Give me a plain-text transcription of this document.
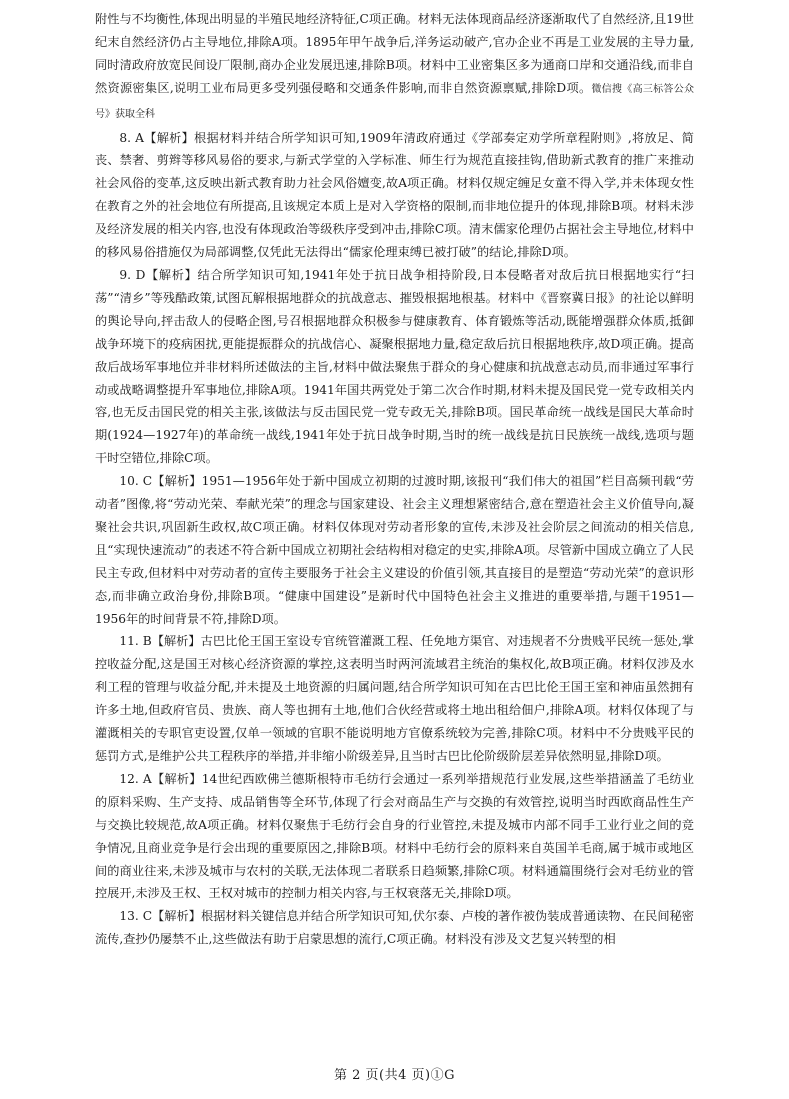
附性与不均衡性,体现出明显的半殖民地经济特征,C项正确。材料无法体现商品经济逐渐取代了自然经济,且19世纪末自然经济仍占主导地位,排除A项。1895年甲午战争后,洋务运动破产,官办企业不再是工业发展的主导力量,同时清政府放宽民间设厂限制,商办企业发展迅速,排除B项。材料中工业密集区多为通商口岸和交通沿线,而非自然资源密集区,说明工业布局更多受列强侵略和交通条件影响,而非自然资源禀赋,排除D项。微信搜《高三标答公众号》获取全科

8. A【解析】根据材料并结合所学知识可知,1909年清政府通过《学部奏定劝学所章程附则》,将放足、简丧、禁奢、剪辫等移风易俗的要求,与新式学堂的入学标准、师生行为规范直接挂钩,借助新式教育的推广来推动社会风俗的变革,这反映出新式教育助力社会风俗嬗变,故A项正确。材料仅规定缠足女童不得入学,并未体现女性在教育之外的社会地位有所提高,且该规定本质上是对入学资格的限制,而非地位提升的体现,排除B项。材料未涉及经济发展的相关内容,也没有体现政治等级秩序受到冲击,排除C项。清末儒家伦理仍占据社会主导地位,材料中的移风易俗措施仅为局部调整,仅凭此无法得出“儒家伦理束缚已被打破”的结论,排除D项。

9. D【解析】结合所学知识可知,1941年处于抗日战争相持阶段,日本侵略者对敌后抗日根据地实行“扫荡”“清乡”等残酷政策,试图瓦解根据地群众的抗战意志、摧毁根据地根基。材料中《晋察冀日报》的社论以鲜明的舆论导向,抨击敌人的侵略企图,号召根据地群众积极参与健康教育、体育锻炼等活动,既能增强群众体质,抵御战争环境下的疫病困扰,更能提振群众的抗战信心、凝聚根据地力量,稳定敌后抗日根据地秩序,故D项正确。提高敌后战场军事地位并非材料所述做法的主旨,材料中做法聚焦于群众的身心健康和抗战意志动员,而非通过军事行动或战略调整提升军事地位,排除A项。1941年国共两党处于第二次合作时期,材料未提及国民党一党专政相关内容,也无反击国民党的相关主张,该做法与反击国民党一党专政无关,排除B项。国民革命统一战线是国民大革命时期(1924—1927年)的革命统一战线,1941年处于抗日战争时期,当时的统一战线是抗日民族统一战线,选项与题干时空错位,排除C项。

10. C【解析】1951—1956年处于新中国成立初期的过渡时期,该报刊“我们伟大的祖国”栏目高频刊载“劳动者”图像,将“劳动光荣、奉献光荣”的理念与国家建设、社会主义理想紧密结合,意在塑造社会主义价值导向,凝聚社会共识,巩固新生政权,故C项正确。材料仅体现对劳动者形象的宣传,未涉及社会阶层之间流动的相关信息,且“实现快速流动”的表述不符合新中国成立初期社会结构相对稳定的史实,排除A项。尽管新中国成立确立了人民民主专政,但材料中对劳动者的宣传主要服务于社会主义建设的价值引领,其直接目的是塑造“劳动光荣”的意识形态,而非确立政治身份,排除B项。“健康中国建设”是新时代中国特色社会主义推进的重要举措,与题干1951—1956年的时间背景不符,排除D项。

11. B【解析】古巴比伦王国王室设专官统管灌溉工程、任免地方渠官、对违规者不分贵贱平民统一惩处,掌控收益分配,这是国王对核心经济资源的掌控,这表明当时两河流域君主统治的集权化,故B项正确。材料仅涉及水利工程的管理与收益分配,并未提及土地资源的归属问题,结合所学知识可知在古巴比伦王国王室和神庙虽然拥有许多土地,但政府官员、贵族、商人等也拥有土地,他们合伙经营或将土地出租给佃户,排除A项。材料仅体现了与灌溉相关的专职官吏设置,仅单一领域的官职不能说明地方官僚系统较为完善,排除C项。材料中不分贵贱平民的惩罚方式,是维护公共工程秩序的举措,并非缩小阶级差异,且当时古巴比伦阶级阶层差异依然明显,排除D项。

12. A【解析】14世纪西欧佛兰德斯根特市毛纺行会通过一系列举措规范行业发展,这些举措涵盖了毛纺业的原料采购、生产支持、成品销售等全环节,体现了行会对商品生产与交换的有效管控,说明当时西欧商品性生产与交换比较规范,故A项正确。材料仅聚焦于毛纺行会自身的行业管控,未提及城市内部不同手工业行业之间的竞争情况,且商业竞争是行会出现的重要原因之,排除B项。材料中毛纺行会的原料来自英国羊毛商,属于城市或地区间的商业往来,未涉及城市与农村的关联,无法体现二者联系日趋频繁,排除C项。材料通篇围绕行会对毛纺业的管控展开,未涉及王权、王权对城市的控制力相关内容,与王权衰落无关,排除D项。

13. C【解析】根据材料关键信息并结合所学知识可知,伏尔泰、卢梭的著作被伪装成普通读物、在民间秘密流传,查抄仍屡禁不止,这些做法有助于启蒙思想的流行,C项正确。材料没有涉及文艺复兴转型的相

第 2 页(共4 页)①G
